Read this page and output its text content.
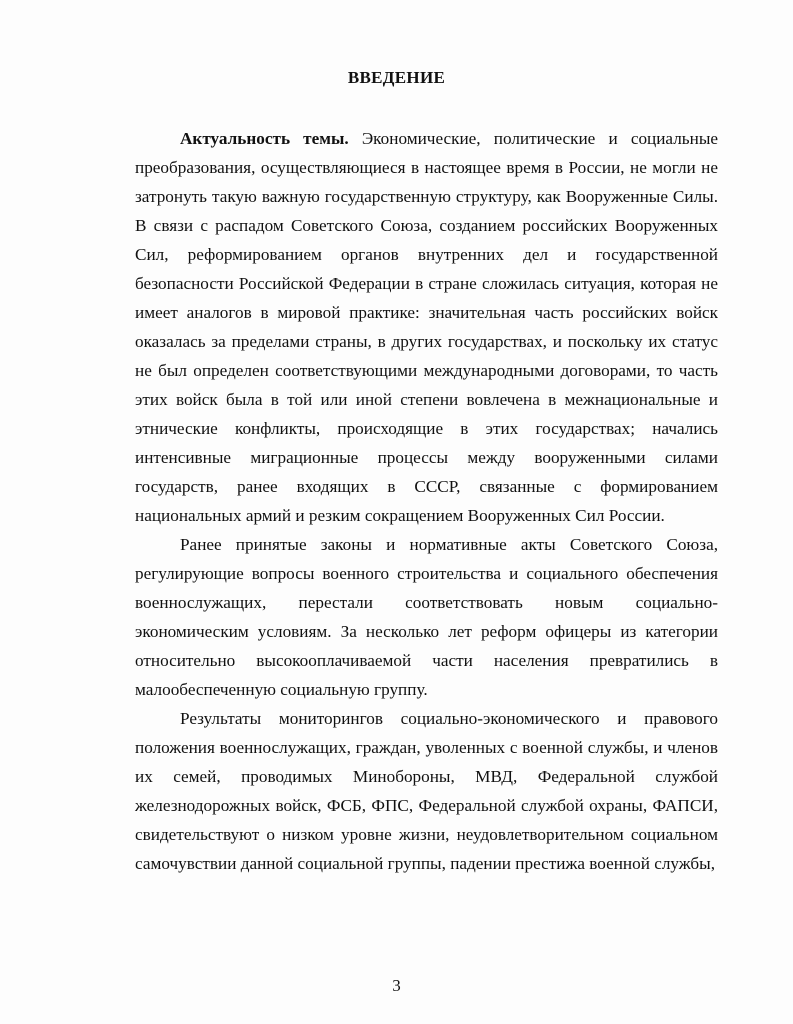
ВВЕДЕНИЕ

Актуальность темы. Экономические, политические и социальные преобразования, осуществляющиеся в настоящее время в России, не могли не затронуть такую важную государственную структуру, как Вооруженные Силы. В связи с распадом Советского Союза, созданием российских Вооруженных Сил, реформированием органов внутренних дел и государственной безопасности Российской Федерации в стране сложилась ситуация, которая не имеет аналогов в мировой практике: значительная часть российских войск оказалась за пределами страны, в других государствах, и поскольку их статус не был определен соответствующими международными договорами, то часть этих войск была в той или иной степени вовлечена в межнациональные и этнические конфликты, происходящие в этих государствах; начались интенсивные миграционные процессы между вооруженными силами государств, ранее входящих в СССР, связанные с формированием национальных армий и резким сокращением Вооруженных Сил России.

Ранее принятые законы и нормативные акты Советского Союза, регулирующие вопросы военного строительства и социального обеспечения военнослужащих, перестали соответствовать новым социально-экономическим условиям. За несколько лет реформ офицеры из категории относительно высокооплачиваемой части населения превратились в малообеспеченную социальную группу.

Результаты мониторингов социально-экономического и правового положения военнослужащих, граждан, уволенных с военной службы, и членов их семей, проводимых Минобороны, МВД, Федеральной службой железнодорожных войск, ФСБ, ФПС, Федеральной службой охраны, ФАПСИ, свидетельствуют о низком уровне жизни, неудовлетворительном социальном самочувствии данной социальной группы, падении престижа военной службы,

3
